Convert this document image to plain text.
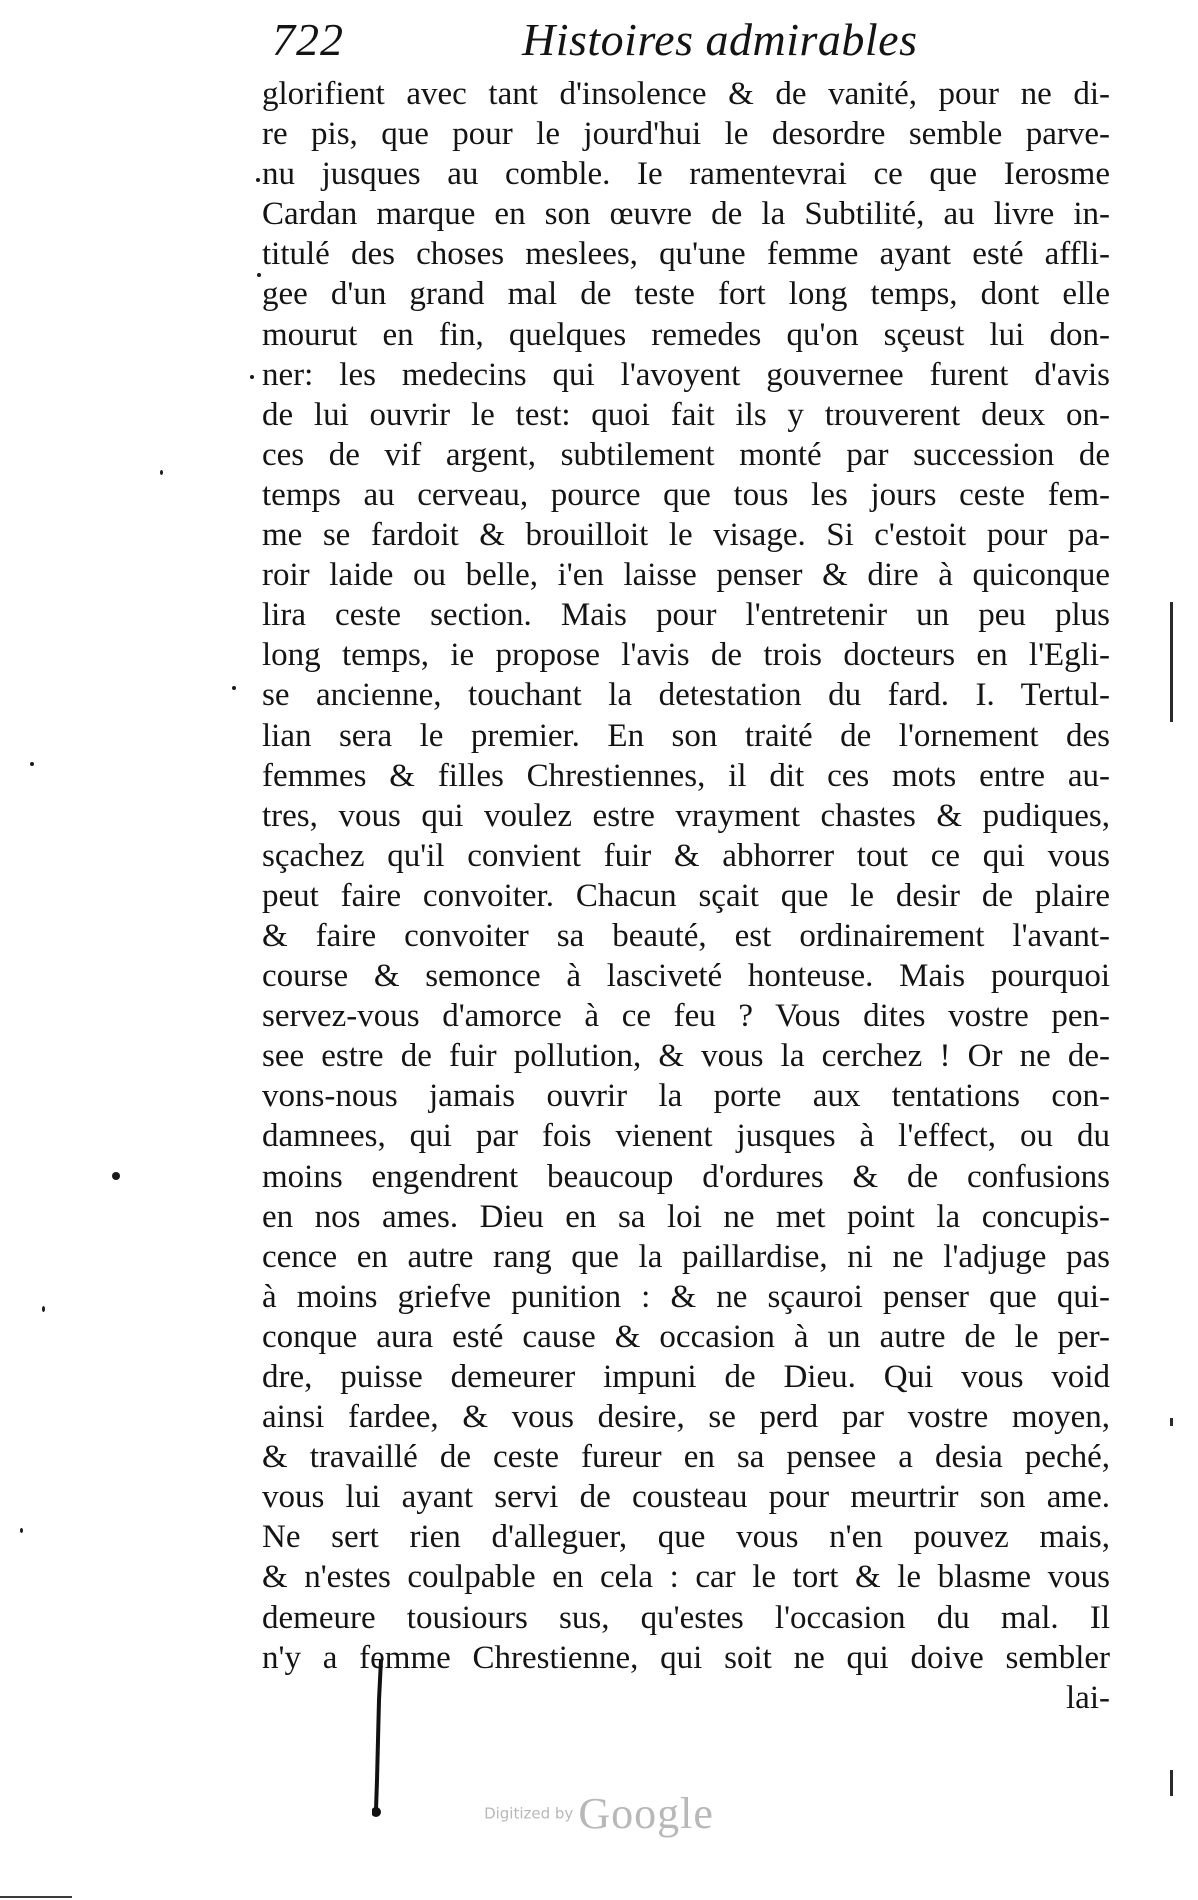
722	Histoires admirables
glorifient avec tant d'insolence & de vanité, pour ne di-
re pis, que pour le jourd'hui le desordre semble parve-
nu jusques au comble. Ie ramentevrai ce que Ierosme
Cardan marque en son œuvre de la Subtilité, au livre in-
titulé des choses meslees, qu'une femme ayant esté affli-
gee d'un grand mal de teste fort long temps, dont elle
mourut en fin, quelques remedes qu'on sçeust lui don-
ner: les medecins qui l'avoyent gouvernee furent d'avis
de lui ouvrir le test: quoi fait ils y trouverent deux on-
ces de vif argent, subtilement monté par succession de
temps au cerveau, pource que tous les jours ceste fem-
me se fardoit & brouilloit le visage. Si c'estoit pour pa-
roir laide ou belle, i'en laisse penser & dire à quiconque
lira ceste section. Mais pour l'entretenir un peu plus
long temps, ie propose l'avis de trois docteurs en l'Egli-
se ancienne, touchant la detestation du fard. I. Tertul-
lian sera le premier. En son traité de l'ornement des
femmes & filles Chrestiennes, il dit ces mots entre au-
tres, vous qui voulez estre vrayment chastes & pudiques,
sçachez qu'il convient fuir & abhorrer tout ce qui vous
peut faire convoiter. Chacun sçait que le desir de plaire
& faire convoiter sa beauté, est ordinairement l'avant-
course & semonce à lasciveté honteuse. Mais pourquoi
servez-vous d'amorce à ce feu ? Vous dites vostre pen-
see estre de fuir pollution, & vous la cerchez ! Or ne de-
vons-nous jamais ouvrir la porte aux tentations con-
damnees, qui par fois vienent jusques à l'effect, ou du
moins engendrent beaucoup d'ordures & de confusions
en nos ames. Dieu en sa loi ne met point la concupis-
cence en autre rang que la paillardise, ni ne l'adjuge pas
à moins griefve punition : & ne sçauroi penser que qui-
conque aura esté cause & occasion à un autre de le per-
dre, puisse demeurer impuni de Dieu. Qui vous void
ainsi fardee, & vous desire, se perd par vostre moyen,
& travaillé de ceste fureur en sa pensee a desia peché,
vous lui ayant servi de cousteau pour meurtrir son ame.
Ne sert rien d'alleguer, que vous n'en pouvez mais,
& n'estes coulpable en cela : car le tort & le blasme vous
demeure tousiours sus, qu'estes l'occasion du mal. Il
n'y a femme Chrestienne, qui soit ne qui doive sembler
lai-
Digitized by Google
